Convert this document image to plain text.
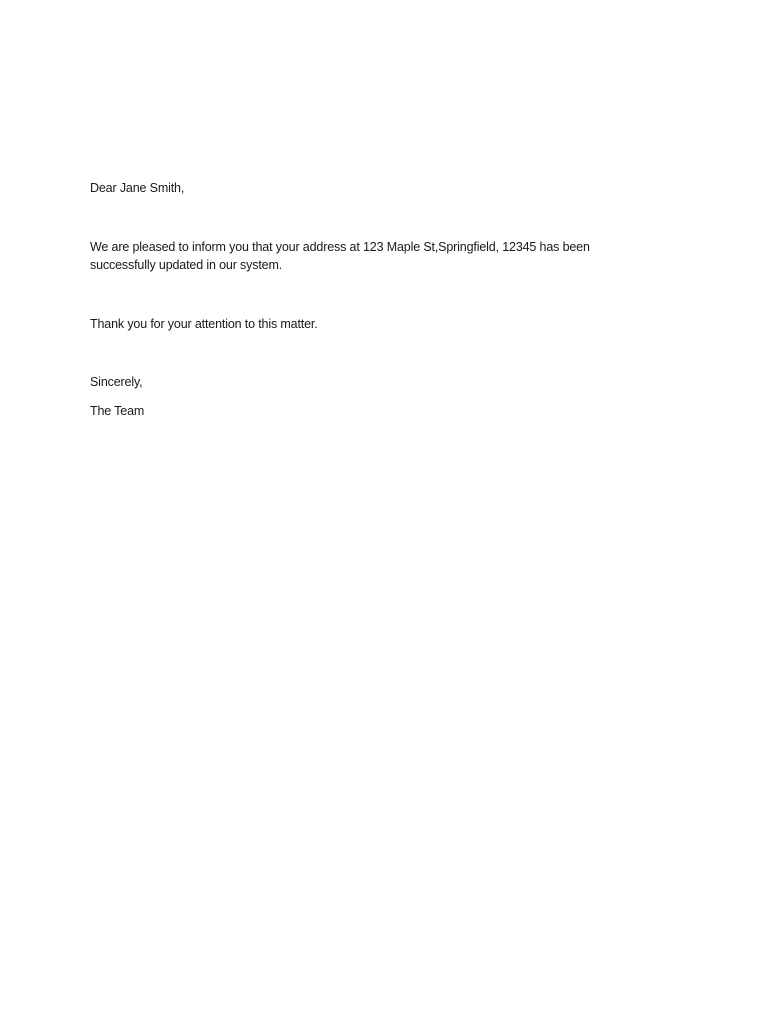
Dear Jane Smith,

We are pleased to inform you that your address at 123 Maple St,Springfield, 12345 has been
successfully updated in our system.

Thank you for your attention to this matter.

Sincerely,

The Team
